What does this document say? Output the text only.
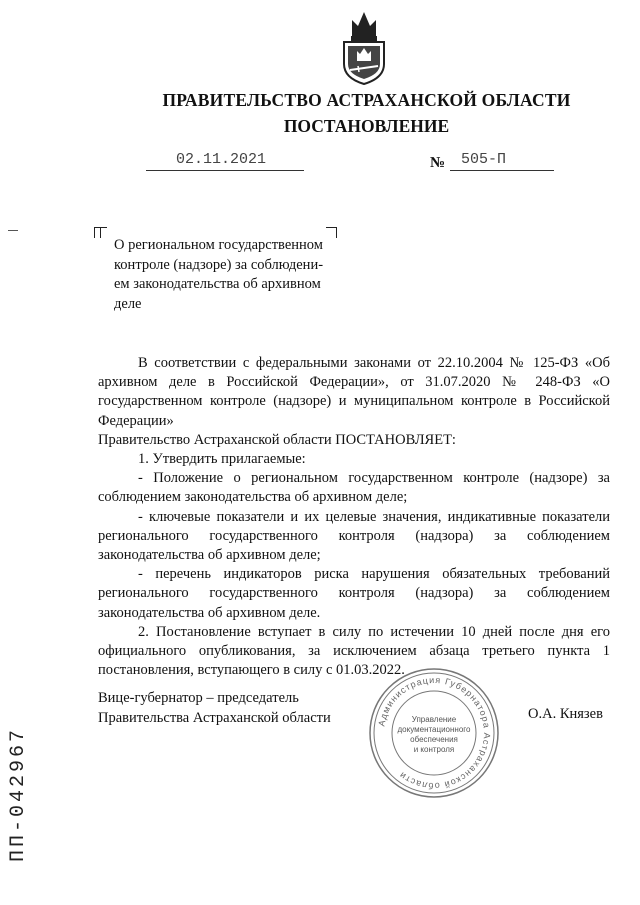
ПРАВИТЕЛЬСТВО АСТРАХАНСКОЙ ОБЛАСТИ
ПОСТАНОВЛЕНИЕ
02.11.2021	№ 505-П
О региональном государственном контроле (надзоре) за соблюдени-ем законодательства об архивном деле

В соответствии с федеральными законами от 22.10.2004 № 125-ФЗ «Об архивном деле в Российской Федерации», от 31.07.2020 № 248-ФЗ «О государственном контроле (надзоре) и муниципальном контроле в Российской Федерации»

Правительство Астраханской области ПОСТАНОВЛЯЕТ:

1. Утвердить прилагаемые:

- Положение о региональном государственном контроле (надзоре) за соблюдением законодательства об архивном деле;

- ключевые показатели и их целевые значения, индикативные показатели регионального государственного контроля (надзора) за соблюдением законодательства об архивном деле;

- перечень индикаторов риска нарушения обязательных требований регионального государственного контроля (надзора) за соблюдением законодательства об архивном деле.

2. Постановление вступает в силу по истечении 10 дней после дня его официального опубликования, за исключением абзаца третьего пункта 1 постановления, вступающего в силу с 01.03.2022.

Вице-губернатор – председатель
Правительства Астраханской области	Администрация Губернатора Астраханской области
Управление
документационного
обеспечения
и контроля
О.А. Князев
ПП-042967
